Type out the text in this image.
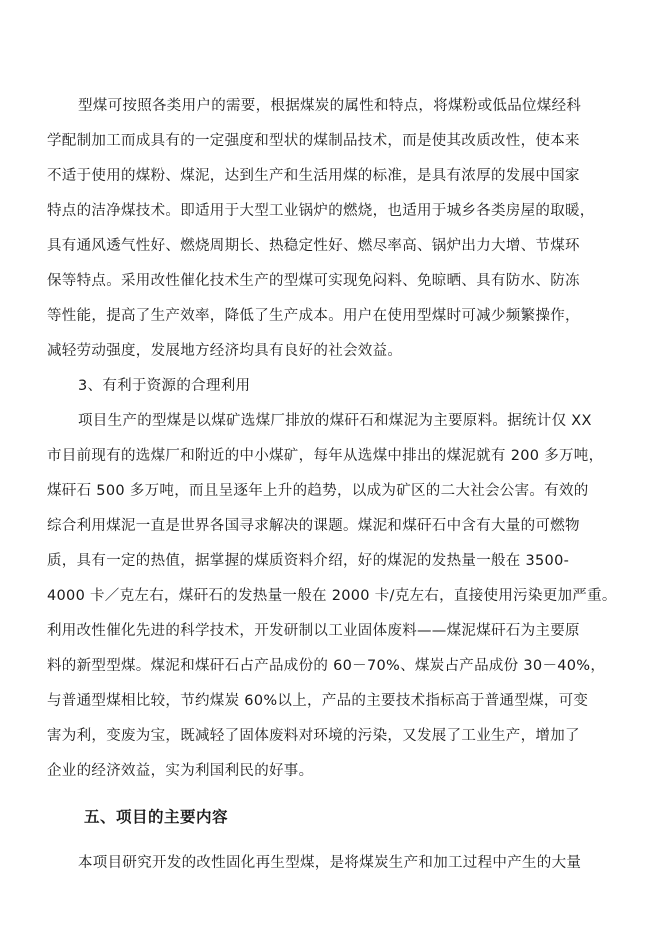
型煤可按照各类用户的需要，根据煤炭的属性和特点，将煤粉或低品位煤经科

学配制加工而成具有的一定强度和型状的煤制品技术，而是使其改质改性，使本来

不适于使用的煤粉、煤泥，达到生产和生活用煤的标准，是具有浓厚的发展中国家

特点的洁净煤技术。即适用于大型工业锅炉的燃烧，也适用于城乡各类房屋的取暖，

具有通风透气性好、燃烧周期长、热稳定性好、燃尽率高、锅炉出力大增、节煤环

保等特点。采用改性催化技术生产的型煤可实现免闷料、免晾晒、具有防水、防冻

等性能，提高了生产效率，降低了生产成本。用户在使用型煤时可减少频繁操作，

减轻劳动强度，发展地方经济均具有良好的社会效益。

3、有利于资源的合理利用

项目生产的型煤是以煤矿选煤厂排放的煤矸石和煤泥为主要原料。据统计仅 XX

市目前现有的选煤厂和附近的中小煤矿，每年从选煤中排出的煤泥就有 200 多万吨，

煤矸石 500 多万吨，而且呈逐年上升的趋势，以成为矿区的二大社会公害。有效的

综合利用煤泥一直是世界各国寻求解决的课题。煤泥和煤矸石中含有大量的可燃物

质，具有一定的热值，据掌握的煤质资料介绍，好的煤泥的发热量一般在 3500-

4000 卡／克左右，煤矸石的发热量一般在 2000 卡/克左右，直接使用污染更加严重。

利用改性催化先进的科学技术，开发研制以工业固体废料——煤泥煤矸石为主要原

料的新型型煤。煤泥和煤矸石占产品成份的 60－70%、煤炭占产品成份 30－40%，

与普通型煤相比较，节约煤炭 60%以上，产品的主要技术指标高于普通型煤，可变

害为利，变废为宝，既减轻了固体废料对环境的污染，又发展了工业生产，增加了

企业的经济效益，实为利国利民的好事。

五、项目的主要内容

本项目研究开发的改性固化再生型煤，是将煤炭生产和加工过程中产生的大量
